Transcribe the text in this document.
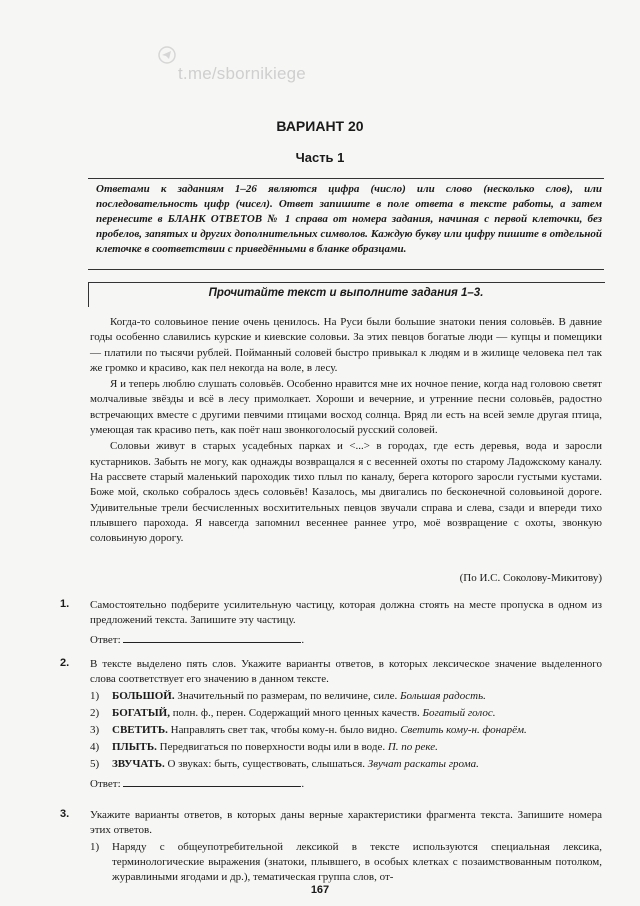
t.me/sbornikiege
ВАРИАНТ 20
Часть 1

Ответами к заданиям 1–26 являются цифра (число) или слово (несколько слов), или последовательность цифр (чисел). Ответ запишите в поле ответа в тексте работы, а затем перенесите в БЛАНК ОТВЕТОВ № 1 справа от номера задания, начиная с первой клеточки, без пробелов, запятых и других дополнительных символов. Каждую букву или цифру пишите в отдельной клеточке в соответствии с приведёнными в бланке образцами.

Прочитайте текст и выполните задания 1–3.

Когда-то соловьиное пение очень ценилось. На Руси были большие знатоки пения соловьёв. В давние годы особенно славились курские и киевские соловьи. За этих певцов богатые люди — купцы и помещики — платили по тысячи рублей. Пойманный соловей быстро привыкал к людям и в жилище человека пел так же громко и красиво, как пел некогда на воле, в лесу.

Я и теперь люблю слушать соловьёв. Особенно нравится мне их ночное пение, когда над головою светят молчаливые звёзды и всё в лесу примолкает. Хороши и вечерние, и утренние песни соловьёв, радостно встречающих вместе с другими певчими птицами восход солнца. Вряд ли есть на всей земле другая птица, умеющая так красиво петь, как поёт наш звонкоголосый русский соловей.

Соловьи живут в старых усадебных парках и <...> в городах, где есть деревья, вода и заросли кустарников. Забыть не могу, как однажды возвращался я с весенней охоты по старому Ладожскому каналу. На рассвете старый маленький пароходик тихо плыл по каналу, берега которого заросли густыми кустами. Боже мой, сколько собралось здесь соловьёв! Казалось, мы двигались по бесконечной соловьиной дороге. Удивительные трели бесчисленных восхитительных певцов звучали справа и слева, сзади и впереди тихо плывшего парохода. Я навсегда запомнил весеннее раннее утро, моё возвращение с охоты, звонкую соловьиную дорогу.

(По И.С. Соколову-Микитову)
1. Самостоятельно подберите усилительную частицу, которая должна стоять на месте пропуска в одном из предложений текста. Запишите эту частицу.

Ответ:	.
2. В тексте выделено пять слов. Укажите варианты ответов, в которых лексическое значение выделенного слова соответствует его значению в данном тексте.

1)	БОЛЬШОЙ. Значительный по размерам, по величине, силе. Большая радость.
2)	БОГАТЫЙ, полн. ф., перен. Содержащий много ценных качеств. Богатый голос.
3)	СВЕТИТЬ. Направлять свет так, чтобы кому-н. было видно. Светить кому-н. фонарём.
4)	ПЛЫТЬ. Передвигаться по поверхности воды или в воде. П. по реке.
5)	ЗВУЧАТЬ. О звуках: быть, существовать, слышаться. Звучат раскаты грома.
Ответ:	.
3. Укажите варианты ответов, в которых даны верные характеристики фрагмента текста. Запишите номера этих ответов.

1)	Наряду с общеупотребительной лексикой в тексте используются специальная лексика, терминологические выражения (знатоки, плывшего, в особых клетках с позаимствованным потолком, журавлиными ягодами и др.), тематическая группа слов, от-
167
